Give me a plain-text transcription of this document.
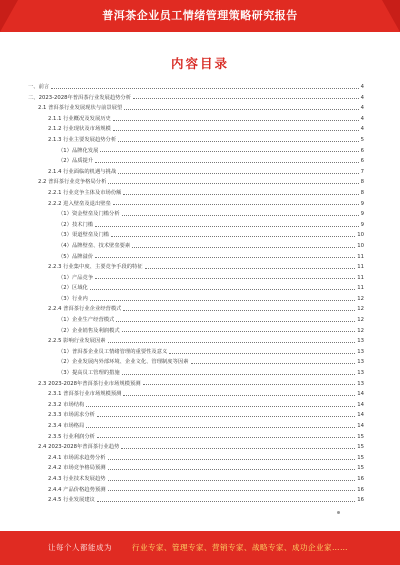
普洱茶企业员工情绪管理策略研究报告
内容目录
一、前言	4
二、2023-2028年普洱茶行业发展趋势分析	4
2.1 普洱茶行业发展现状与前景展望	4
2.1.1 行业概况及发展历史	4
2.1.2 行业现状及市场规模	4
2.1.3 行业主要发展趋势分析	5
（1）品牌化发展	6
（2）品质提升	6
2.1.4 行业面临的机遇与挑战	7
2.2 普洱茶行业竞争格局分析	8
2.2.1 行业竞争主体及市场份额	8
2.2.2 进入壁垒及退出壁垒	9
（1）资金壁垒及门槛分析	9
（2）技术门槛	9
（3）渠道壁垒及门槛	10
（4）品牌壁垒、技术壁垒要素	10
（5）品牌溢价	11
2.2.3 行业集中度、主要竞争手段的特征	11
（1）产品竞争	11
（2）区域化	11
（3）行业内	12
2.2.4 普洱茶行业企业经营模式	12
（1）企业生产经营模式	12
（2）企业销售及利润模式	12
2.2.5 影响行业发展因素	13
（1）普洱茶企业员工情绪管理的重要性及意义	13
（2）企业发展内外部环境、企业文化、管理制度等因素	13
（3）提高员工管理的措施	13
2.3 2023-2028年普洱茶行业市场规模预测	13
2.3.1 普洱茶行业市场规模预测	14
2.3.2 市场结构	14
2.3.3 市场需求分析	14
2.3.4 市场格局	14
2.3.5 行业利润分析	15
2.4 2023-2028年普洱茶行业趋势	15
2.4.1 市场需求趋势分析	15
2.4.2 市场竞争格局预测	15
2.4.3 行业技术发展趋势	16
2.4.4 产品价格趋势预测	16
2.4.5 行业发展建议	16
让每个人都能成为	行业专家、管理专家、营销专家、战略专家、成功企业家……
